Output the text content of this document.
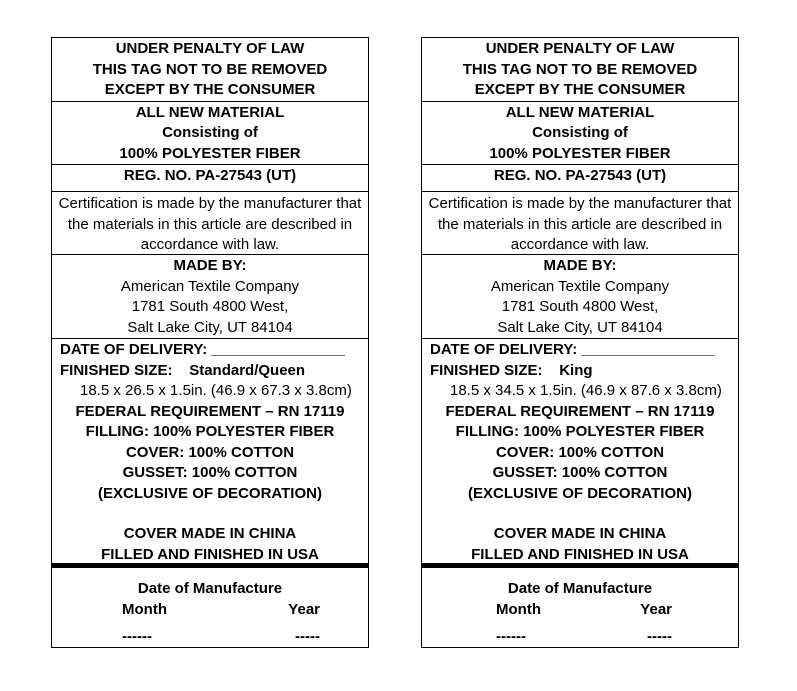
UNDER PENALTY OF LAW
THIS TAG NOT TO BE REMOVED
EXCEPT BY THE CONSUMER
ALL NEW MATERIAL
Consisting of
100% POLYESTER FIBER
REG. NO. PA-27543 (UT)
Certification is made by the manufacturer that
the materials in this article are described in
accordance with law.
MADE BY:
American Textile Company
1781 South 4800 West,
Salt Lake City, UT 84104
DATE OF DELIVERY: ________________
FINISHED SIZE: Standard/Queen
18.5 x 26.5 x 1.5in. (46.9 x 67.3 x 3.8cm)
FEDERAL REQUIREMENT – RN 17119
FILLING: 100% POLYESTER FIBER
COVER: 100% COTTON
GUSSET: 100% COTTON
(EXCLUSIVE OF DECORATION)
COVER MADE IN CHINA
FILLED AND FINISHED IN USA
Date of Manufacture
Month	Year
------	-----
UNDER PENALTY OF LAW
THIS TAG NOT TO BE REMOVED
EXCEPT BY THE CONSUMER
ALL NEW MATERIAL
Consisting of
100% POLYESTER FIBER
REG. NO. PA-27543 (UT)
Certification is made by the manufacturer that
the materials in this article are described in
accordance with law.
MADE BY:
American Textile Company
1781 South 4800 West,
Salt Lake City, UT 84104
DATE OF DELIVERY: ________________
FINISHED SIZE: King
18.5 x 34.5 x 1.5in. (46.9 x 87.6 x 3.8cm)
FEDERAL REQUIREMENT – RN 17119
FILLING: 100% POLYESTER FIBER
COVER: 100% COTTON
GUSSET: 100% COTTON
(EXCLUSIVE OF DECORATION)
COVER MADE IN CHINA
FILLED AND FINISHED IN USA
Date of Manufacture
Month	Year
------	-----
